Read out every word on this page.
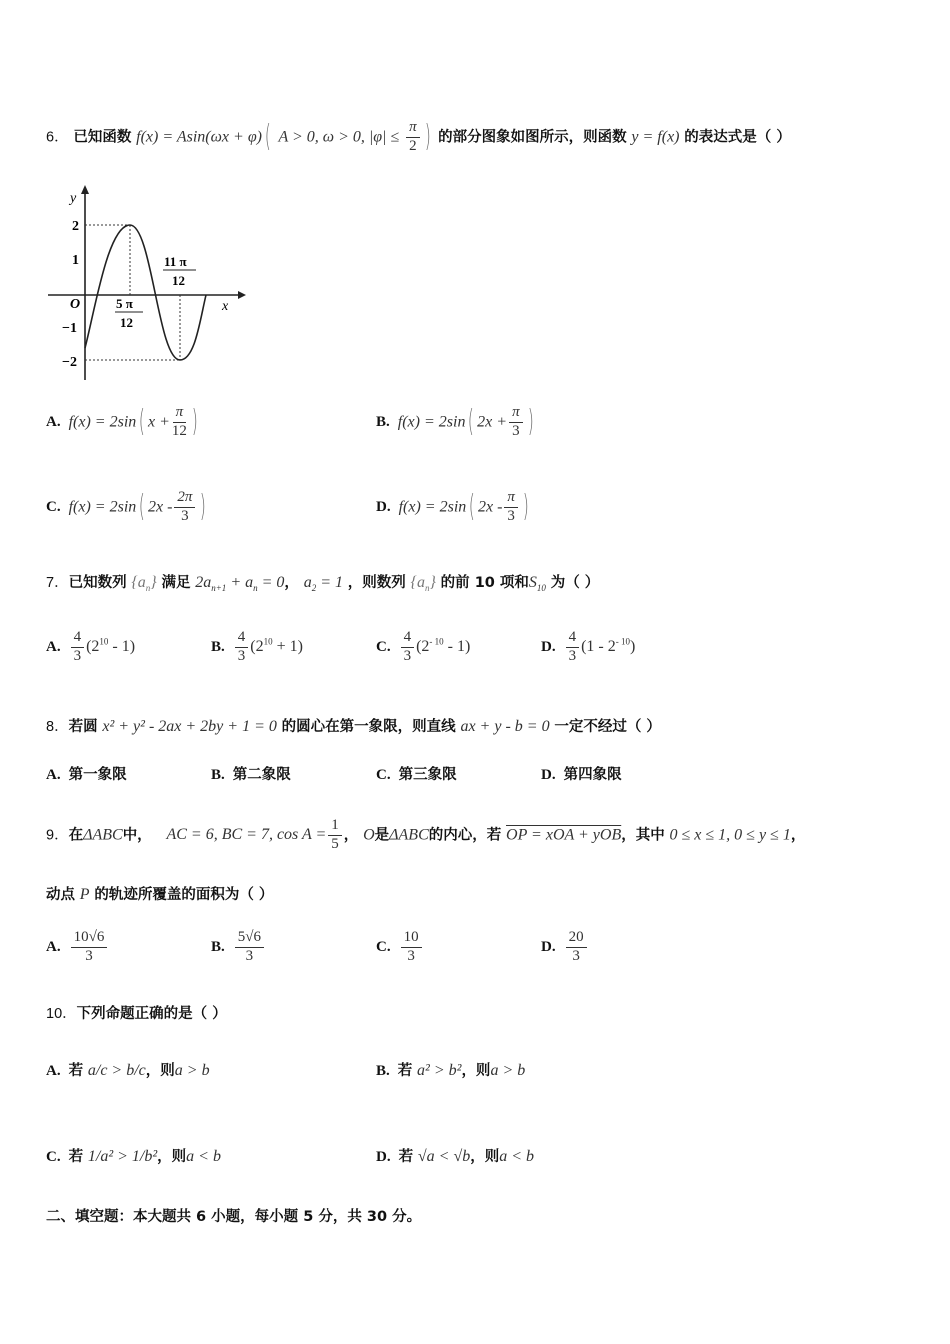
6． 已知函数 f(x) = Asin(ωx + φ)( A > 0, ω > 0, $|\varphi| \le \frac{\pi}{2}$ ) 的部分图象如图所示，则函数 y = f(x) 的表达式是（ ）
y
x
O
2
1
−1
−2
5 π
12
11 π
12
A. f(x) = 2sin( $x + \frac{\pi}{12}$ )	B. f(x) = 2sin( $2x + \frac{\pi}{3}$ )
C. f(x) = 2sin( $2x - \frac{2\pi}{3}$ )	D. f(x) = 2sin( $2x - \frac{\pi}{3}$ )
7．已知数列 $\{a_n\}$ 满足 $2a_{n+1} + a_n = 0$， $a_2 = 1$ ，则数列 $\{a_n\}$ 的前 10 项和$S_{10}$ 为（ ）
A. $\frac{4}{3} (2^{10} - 1)$	B. $\frac{4}{3} (2^{10} + 1)$	C. $\frac{4}{3} (2^{- 10} - 1)$	D. $\frac{4}{3} (1 - 2^{- 10})$
8．若圆 x² + y² - 2ax + 2by + 1 = 0 的圆心在第一象限，则直线 ax + y - b = 0 一定不经过（ ）
A. 第一象限	B. 第二象限	C. 第三象限	D. 第四象限
9．在ΔABC中， AC = 6, BC = 7, $\cos A = \frac{1}{5}$ ， O是ΔABC的内心，若 OP = xOA + yOB，其中 0 ≤ x ≤ 1, 0 ≤ y ≤ 1，
动点 P 的轨迹所覆盖的面积为（ ）
A. $\frac{10√6}{3}$	B. $\frac{5√6}{3}$	C. $\frac{10}{3}$	D. $\frac{20}{3}$
10．下列命题正确的是（ ）
A. 若 a/c > b/c，则a > b	B. 若 a² > b²，则a > b
C. 若 1/a² > 1/b²，则a < b	D. 若 √a < √b，则a < b
二、填空题：本大题共 6 小题，每小题 5 分，共 30 分。
